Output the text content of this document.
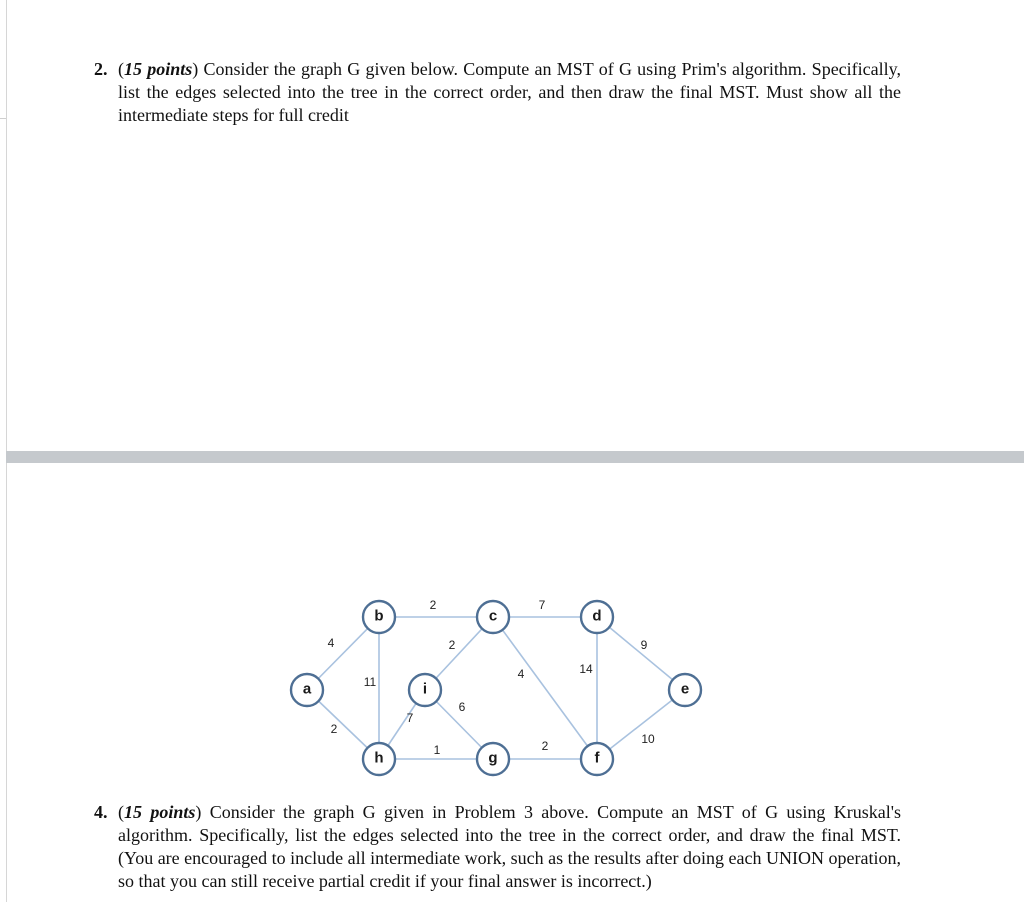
2. (15 points) Consider the graph G given below. Compute an MST of G using Prim's algorithm. Specifically, list the edges selected into the tree in the correct order, and then draw the final MST. Must show all the intermediate steps for full credit
4
2
2
11
2
7
4
9
14
10
2
1
7
6
a
b	c	d
e
f
g
h
i
4. (15 points) Consider the graph G given in Problem 3 above. Compute an MST of G using Kruskal's algorithm. Specifically, list the edges selected into the tree in the correct order, and draw the final MST. (You are encouraged to include all intermediate work, such as the results after doing each UNION operation, so that you can still receive partial credit if your final answer is incorrect.)
